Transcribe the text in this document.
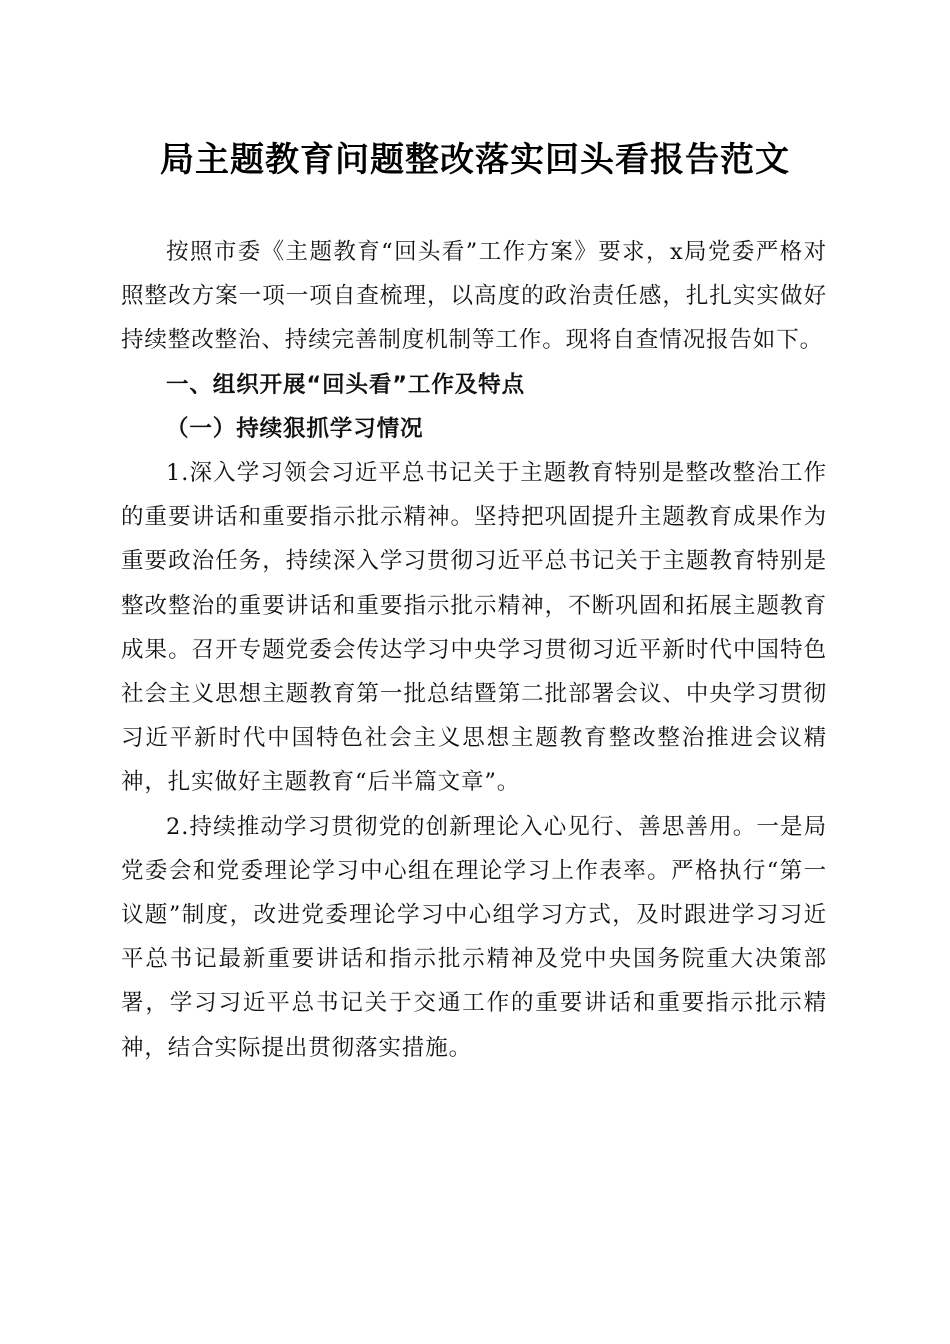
局主题教育问题整改落实回头看报告范文

按照市委《主题教育“回头看”工作方案》要求，x局党委严格对照整改方案一项一项自查梳理，以高度的政治责任感，扎扎实实做好持续整改整治、持续完善制度机制等工作。现将自查情况报告如下。

一、组织开展“回头看”工作及特点

（一）持续狠抓学习情况

1.深入学习领会习近平总书记关于主题教育特别是整改整治工作的重要讲话和重要指示批示精神。坚持把巩固提升主题教育成果作为重要政治任务，持续深入学习贯彻习近平总书记关于主题教育特别是整改整治的重要讲话和重要指示批示精神，不断巩固和拓展主题教育成果。召开专题党委会传达学习中央学习贯彻习近平新时代中国特色社会主义思想主题教育第一批总结暨第二批部署会议、中央学习贯彻习近平新时代中国特色社会主义思想主题教育整改整治推进会议精神，扎实做好主题教育“后半篇文章”。

2.持续推动学习贯彻党的创新理论入心见行、善思善用。一是局党委会和党委理论学习中心组在理论学习上作表率。严格执行“第一议题”制度，改进党委理论学习中心组学习方式，及时跟进学习习近平总书记最新重要讲话和指示批示精神及党中央国务院重大决策部署，学习习近平总书记关于交通工作的重要讲话和重要指示批示精神，结合实际提出贯彻落实措施。
